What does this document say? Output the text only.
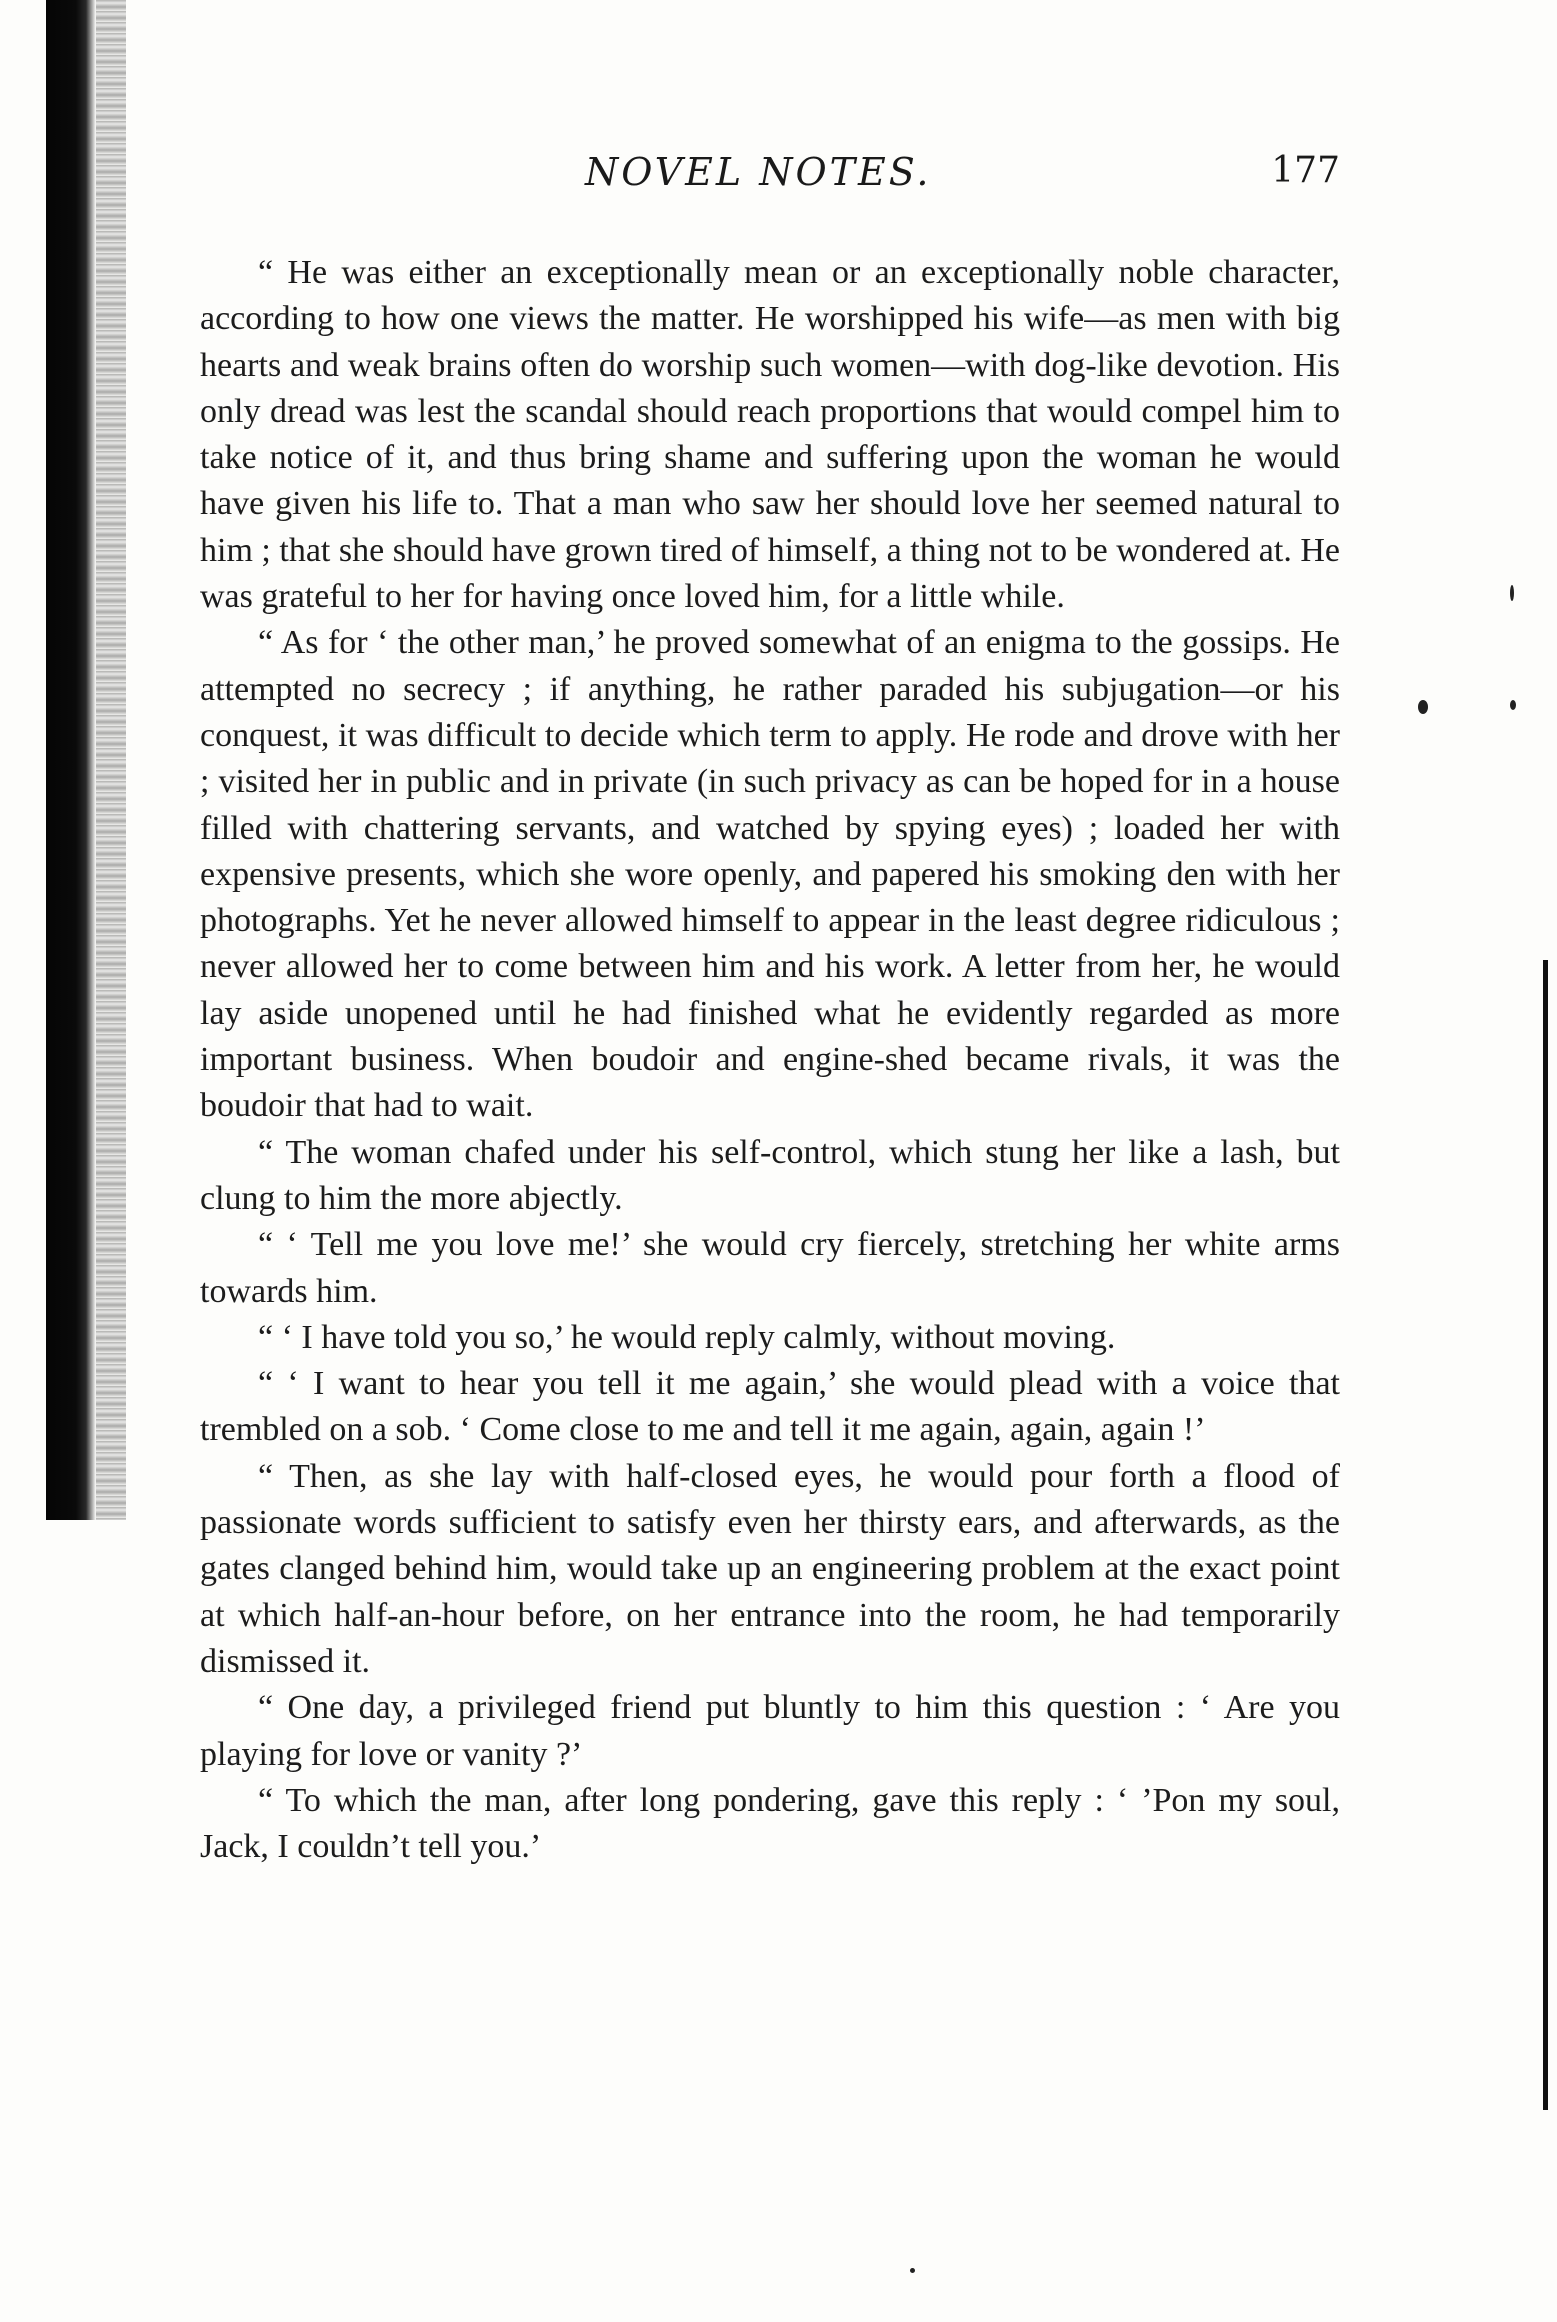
NOVEL NOTES.	177

“ He was either an exceptionally mean or an exceptionally noble character, according to how one views the matter. He worshipped his wife—as men with big hearts and weak brains often do worship such women—with dog-like devotion. His only dread was lest the scandal should reach proportions that would compel him to take notice of it, and thus bring shame and suffering upon the woman he would have given his life to. That a man who saw her should love her seemed natural to him ; that she should have grown tired of himself, a thing not to be wondered at. He was grateful to her for having once loved him, for a little while.

“ As for ‘ the other man,’ he proved somewhat of an enigma to the gossips. He attempted no secrecy ; if anything, he rather paraded his subjugation—or his conquest, it was difficult to decide which term to apply. He rode and drove with her ; visited her in public and in private (in such privacy as can be hoped for in a house filled with chattering servants, and watched by spying eyes) ; loaded her with expensive presents, which she wore openly, and papered his smoking den with her photographs. Yet he never allowed himself to appear in the least degree ridiculous ; never allowed her to come between him and his work. A letter from her, he would lay aside unopened until he had finished what he evidently regarded as more important business. When boudoir and engine-shed became rivals, it was the boudoir that had to wait.

“ The woman chafed under his self-control, which stung her like a lash, but clung to him the more abjectly.

“ ‘ Tell me you love me!’ she would cry fiercely, stretching her white arms towards him.

“ ‘ I have told you so,’ he would reply calmly, without moving.

“ ‘ I want to hear you tell it me again,’ she would plead with a voice that trembled on a sob. ‘ Come close to me and tell it me again, again, again !’

“ Then, as she lay with half-closed eyes, he would pour forth a flood of passionate words sufficient to satisfy even her thirsty ears, and afterwards, as the gates clanged behind him, would take up an engineering problem at the exact point at which half-an-hour before, on her entrance into the room, he had temporarily dismissed it.

“ One day, a privileged friend put bluntly to him this question : ‘ Are you playing for love or vanity ?’

“ To which the man, after long pondering, gave this reply : ‘ ’Pon my soul, Jack, I couldn’t tell you.’
